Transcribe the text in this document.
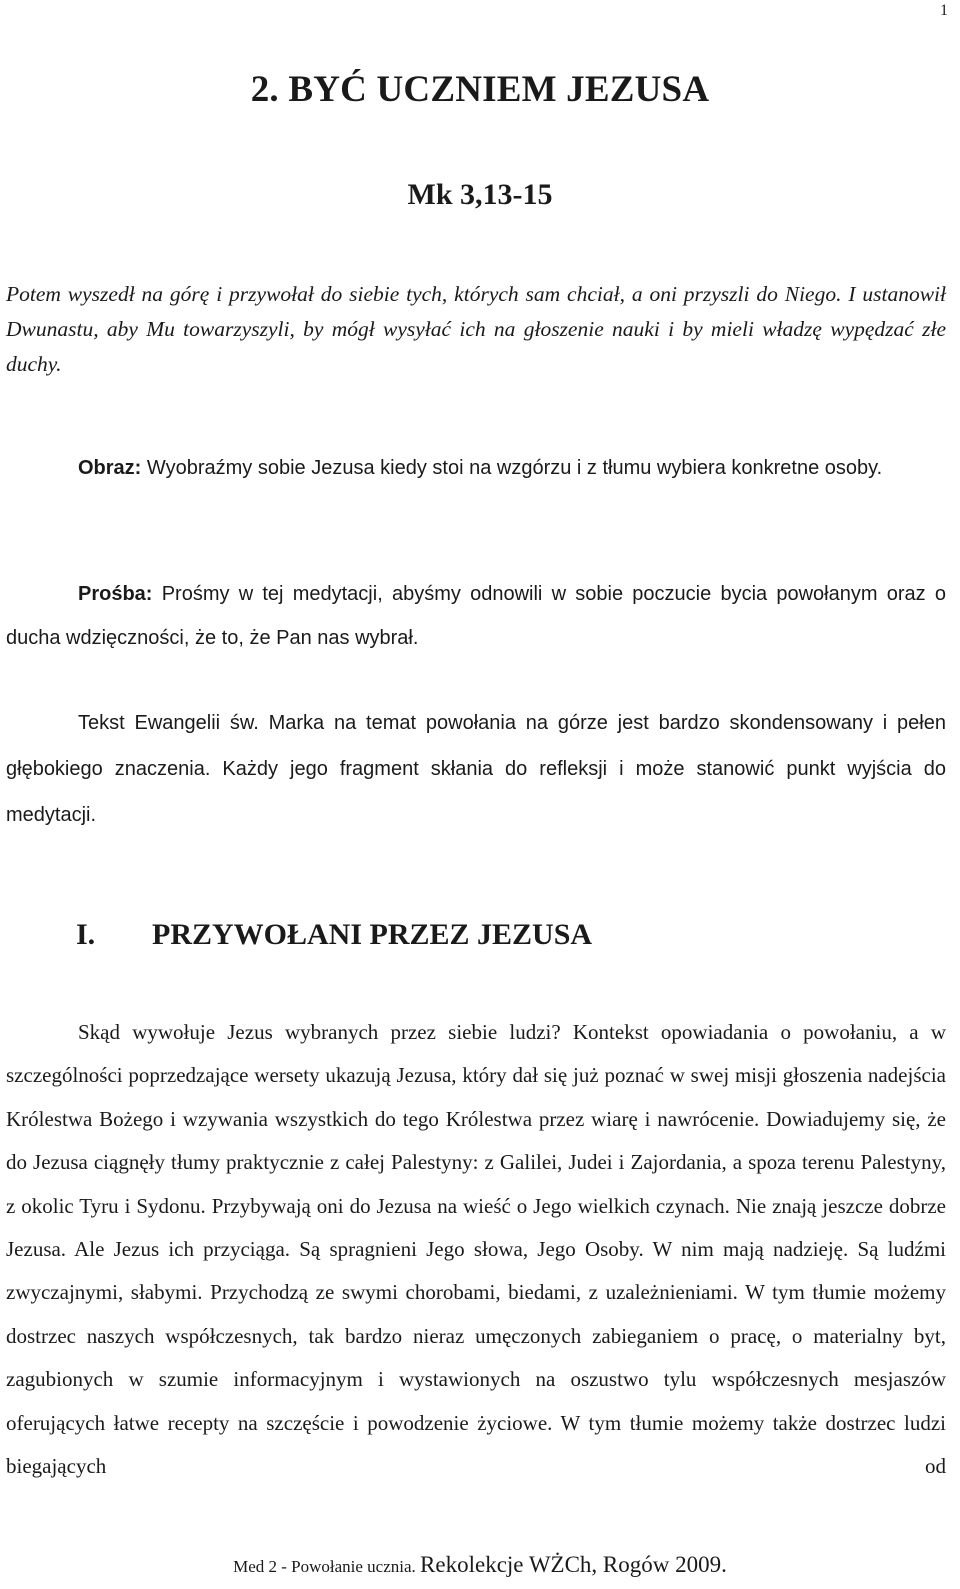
1
2. BYĆ UCZNIEM JEZUSA
Mk 3,13-15

Potem wyszedł na górę i przywołał do siebie tych, których sam chciał, a oni przyszli do Niego. I ustanowił Dwunastu, aby Mu towarzyszyli, by mógł wysyłać ich na głoszenie nauki i by mieli władzę wypędzać złe duchy.

Obraz: Wyobraźmy sobie Jezusa kiedy stoi na wzgórzu i z tłumu wybiera konkretne osoby.

Prośba: Prośmy w tej medytacji, abyśmy odnowili w sobie poczucie bycia powołanym oraz o ducha wdzięczności, że to, że Pan nas wybrał.

Tekst Ewangelii św. Marka na temat powołania na górze jest bardzo skondensowany i pełen głębokiego znaczenia. Każdy jego fragment skłania do refleksji i może stanowić punkt wyjścia do medytacji.

I. PRZYWOŁANI PRZEZ JEZUSA

Skąd wywołuje Jezus wybranych przez siebie ludzi? Kontekst opowiadania o powołaniu, a w szczególności poprzedzające wersety ukazują Jezusa, który dał się już poznać w swej misji głoszenia nadejścia Królestwa Bożego i wzywania wszystkich do tego Królestwa przez wiarę i nawrócenie. Dowiadujemy się, że do Jezusa ciągnęły tłumy praktycznie z całej Palestyny: z Galilei, Judei i Zajordania, a spoza terenu Palestyny, z okolic Tyru i Sydonu. Przybywają oni do Jezusa na wieść o Jego wielkich czynach. Nie znają jeszcze dobrze Jezusa. Ale Jezus ich przyciąga. Są spragnieni Jego słowa, Jego Osoby. W nim mają nadzieję. Są ludźmi zwyczajnymi, słabymi. Przychodzą ze swymi chorobami, biedami, z uzależnieniami. W tym tłumie możemy dostrzec naszych współczesnych, tak bardzo nieraz umęczonych zabieganiem o pracę, o materialny byt, zagubionych w szumie informacyjnym i wystawionych na oszustwo tylu współczesnych mesjaszów oferujących łatwe recepty na szczęście i powodzenie życiowe. W tym tłumie możemy także dostrzec ludzi biegających od

Med 2 - Powołanie ucznia. Rekolekcje WŻCh, Rogów 2009.
